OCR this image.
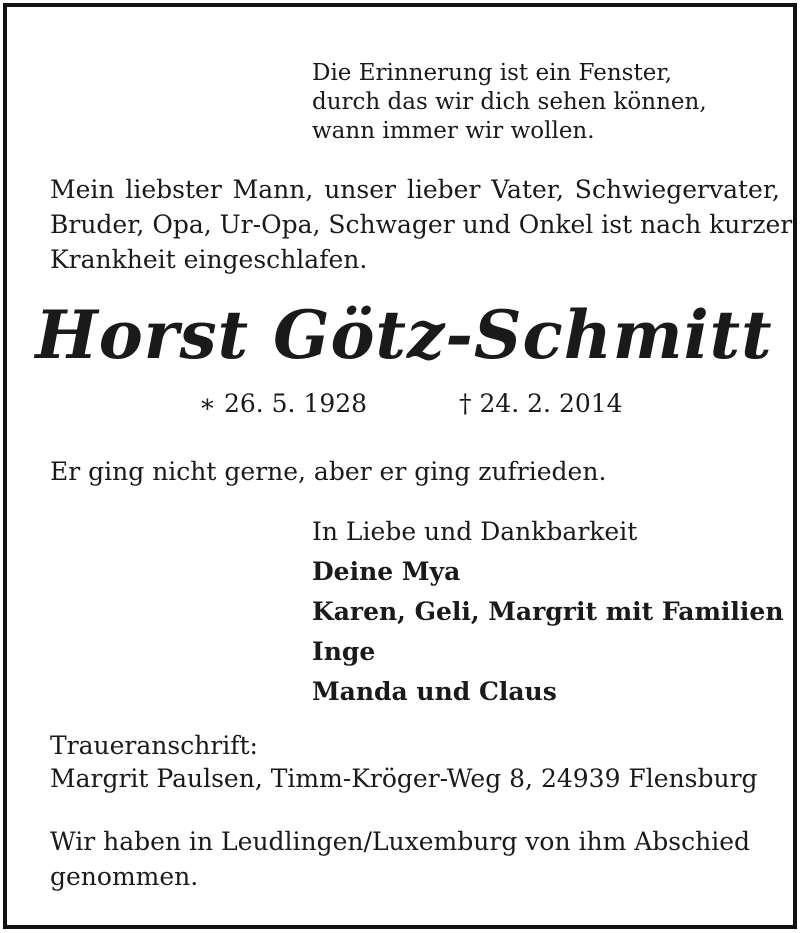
Die Erinnerung ist ein Fenster,
durch das wir dich sehen können,
wann immer wir wollen.
Mein liebster Mann, unser lieber Vater, Schwiegervater,
Bruder, Opa, Ur-Opa, Schwager und Onkel ist nach kurzer
Krankheit eingeschlafen.
Horst Götz-Schmitt
∗ 26. 5. 1928	† 24. 2. 2014
Er ging nicht gerne, aber er ging zufrieden.
In Liebe und Dankbarkeit
Deine Mya
Karen, Geli, Margrit mit Familien
Inge
Manda und Claus
Traueranschrift:
Margrit Paulsen, Timm-Kröger-Weg 8, 24939 Flensburg
Wir haben in Leudlingen/Luxemburg von ihm Abschied
genommen.
